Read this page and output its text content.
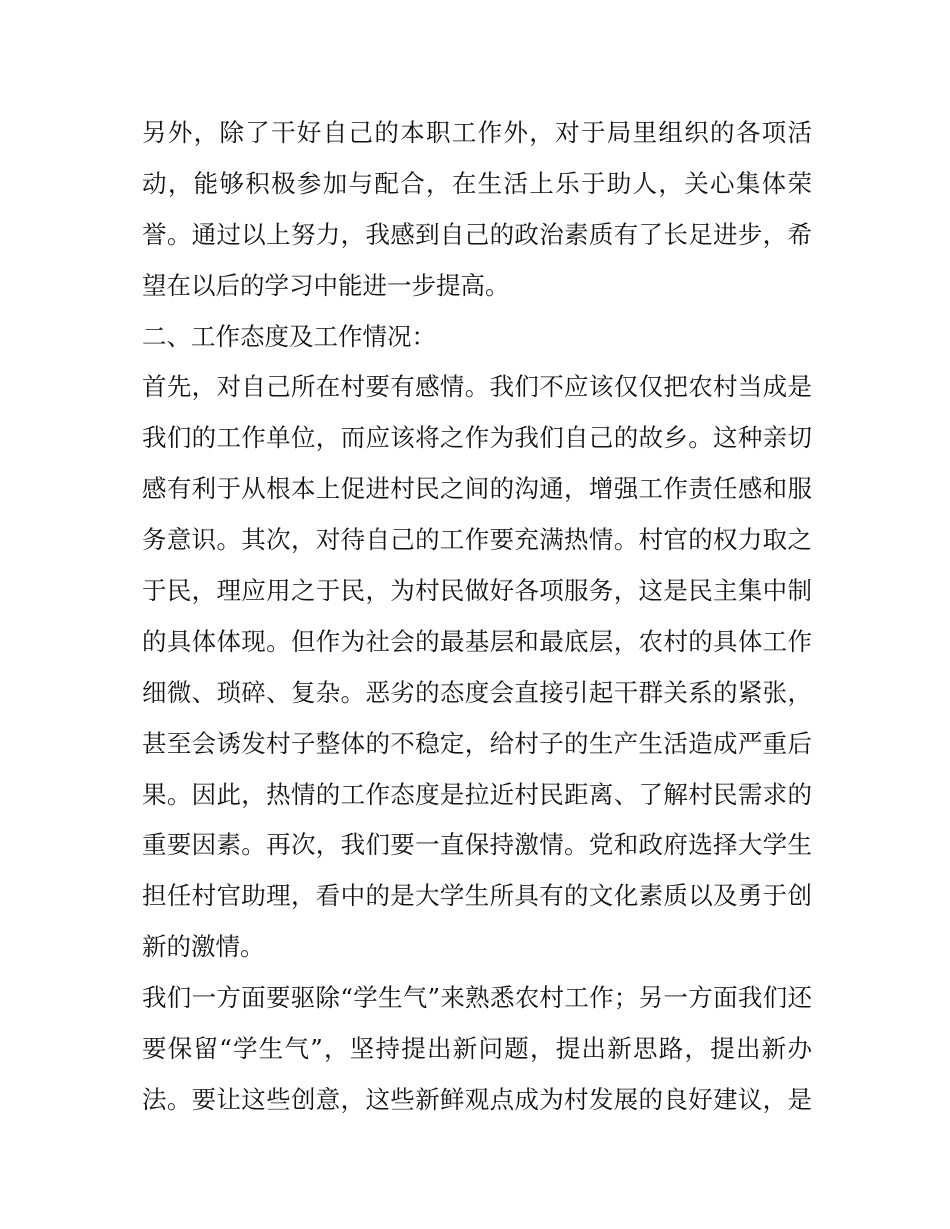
另外，除了干好自己的本职工作外，对于局里组织的各项活
动，能够积极参加与配合，在生活上乐于助人，关心集体荣
誉。通过以上努力，我感到自己的政治素质有了长足进步，希
望在以后的学习中能进一步提高。
二、工作态度及工作情况：
首先，对自己所在村要有感情。我们不应该仅仅把农村当成是
我们的工作单位，而应该将之作为我们自己的故乡。这种亲切
感有利于从根本上促进村民之间的沟通，增强工作责任感和服
务意识。其次，对待自己的工作要充满热情。村官的权力取之
于民，理应用之于民，为村民做好各项服务，这是民主集中制
的具体体现。但作为社会的最基层和最底层，农村的具体工作
细微、琐碎、复杂。恶劣的态度会直接引起干群关系的紧张，
甚至会诱发村子整体的不稳定，给村子的生产生活造成严重后
果。因此，热情的工作态度是拉近村民距离、了解村民需求的
重要因素。再次，我们要一直保持激情。党和政府选择大学生
担任村官助理，看中的是大学生所具有的文化素质以及勇于创
新的激情。
我们一方面要驱除“学生气”来熟悉农村工作；另一方面我们还
要保留“学生气”，坚持提出新问题，提出新思路，提出新办
法。要让这些创意，这些新鲜观点成为村发展的良好建议，是
